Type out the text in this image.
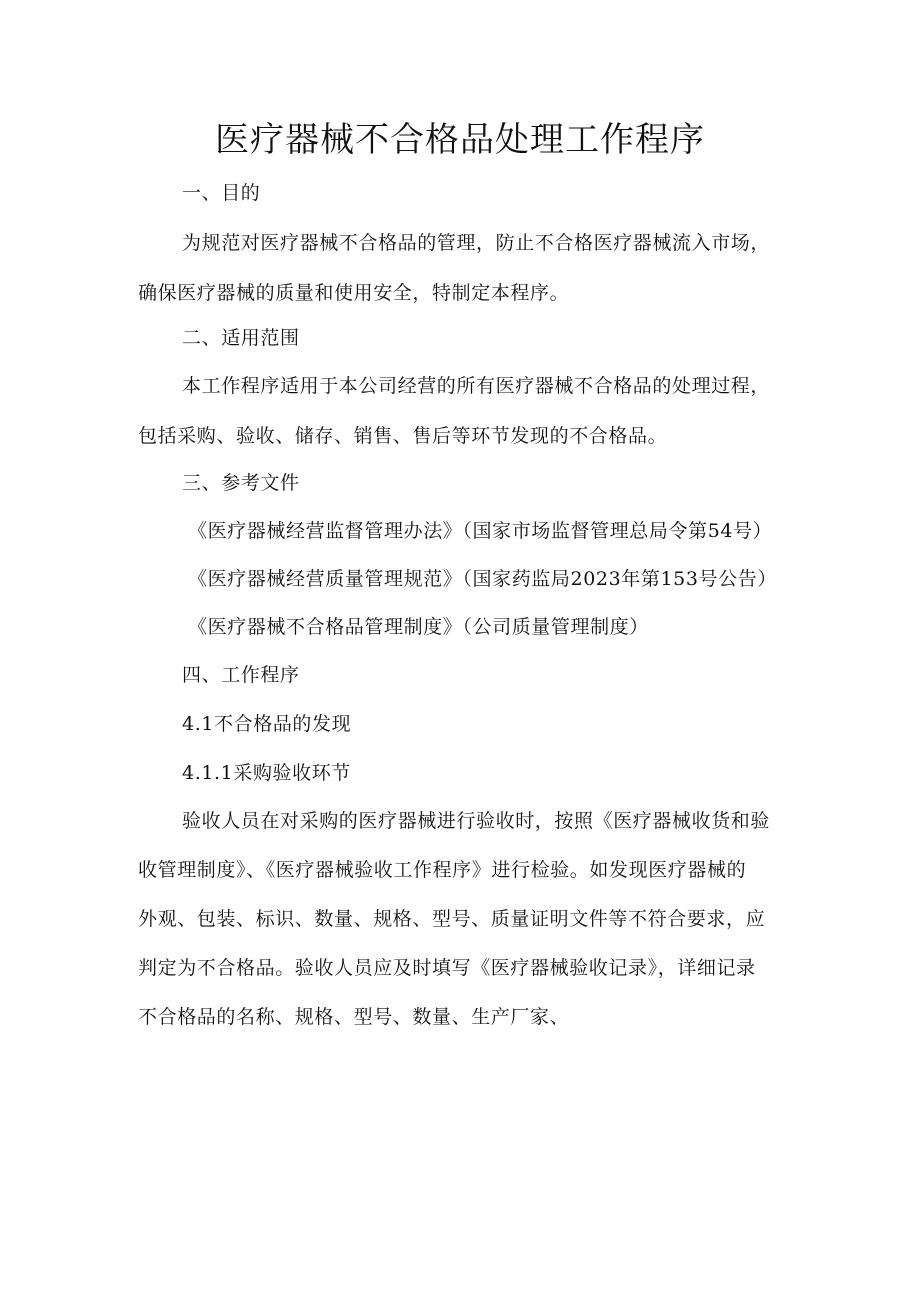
医疗器械不合格品处理工作程序
一、目的
为规范对医疗器械不合格品的管理，防止不合格医疗器械流入市场，
确保医疗器械的质量和使用安全，特制定本程序。
二、适用范围
本工作程序适用于本公司经营的所有医疗器械不合格品的处理过程，
包括采购、验收、储存、销售、售后等环节发现的不合格品。
三、参考文件
《医疗器械经营监督管理办法》（国家市场监督管理总局令第54号）
《医疗器械经营质量管理规范》（国家药监局2023年第153号公告）
《医疗器械不合格品管理制度》（公司质量管理制度）
四、工作程序
4.1不合格品的发现
4.1.1采购验收环节
验收人员在对采购的医疗器械进行验收时，按照《医疗器械收货和验
收管理制度》、《医疗器械验收工作程序》进行检验。如发现医疗器械的
外观、包装、标识、数量、规格、型号、质量证明文件等不符合要求，应
判定为不合格品。验收人员应及时填写《医疗器械验收记录》，详细记录
不合格品的名称、规格、型号、数量、生产厂家、
